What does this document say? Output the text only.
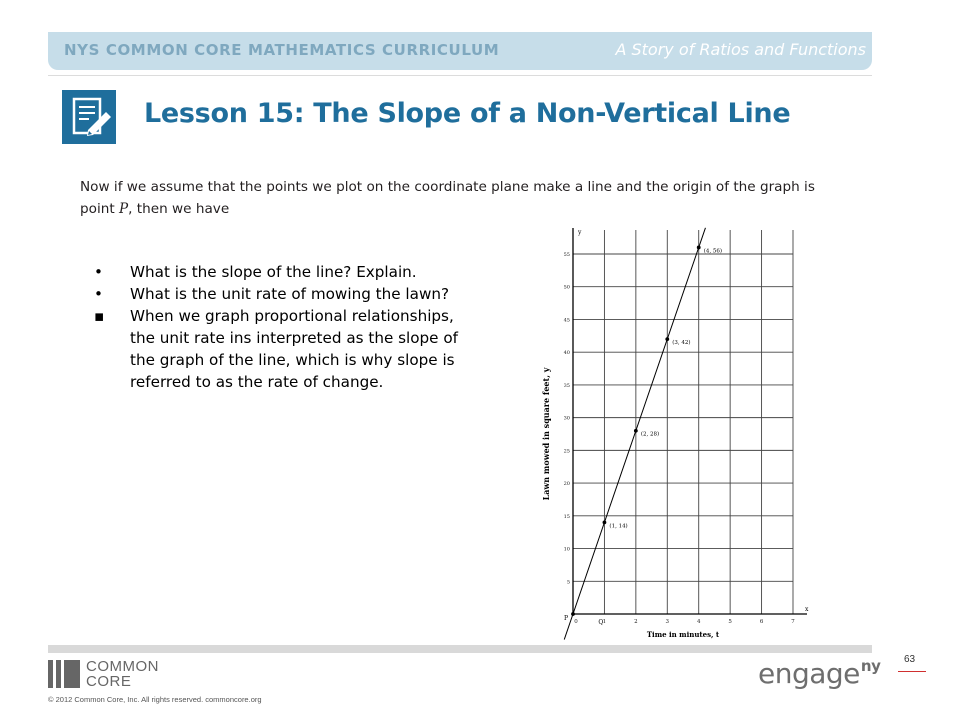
NYS COMMON CORE MATHEMATICS CURRICULUM	A Story of Ratios and Functions
Lesson 15: The Slope of a Non-Vertical Line
Now if we assume that the points we plot on the coordinate plane make a line and the origin of the graph is point P, then we have
• What is the slope of the line? Explain.
• What is the unit rate of mowing the lawn?
▪ When we graph proportional relationships, the unit rate ins interpreted as the slope of the graph of the line, which is why slope is referred to as the rate of change.
5
10
15
20
25
30
35
40
45
50
55
0	1	2	3	4	5	6	7
x
y
Time in minutes, t
Lawn mowed in square feet, y
(1, 14)
(2, 28)
(3, 42)
(4, 56)
P
Q
COMMON
CORE
© 2012 Common Core, Inc. All rights reserved. commoncore.org
engage$^{ny}$ 63
